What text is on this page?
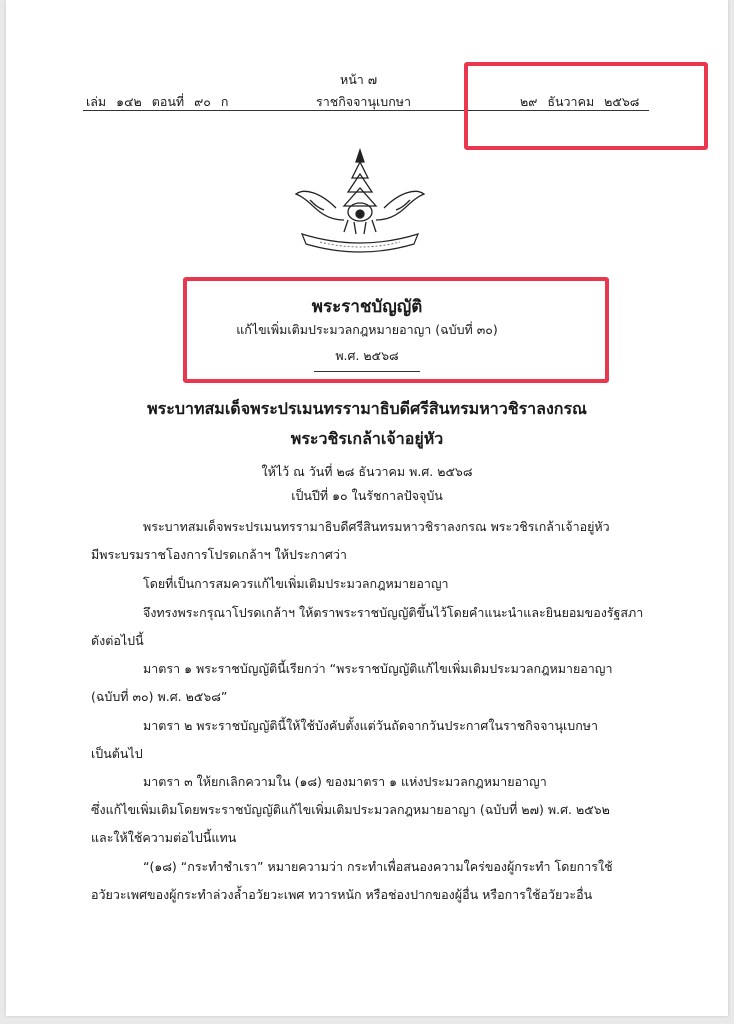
หน้า ๗
เล่ม ๑๔๒ ตอนที่ ๙๐ ก	ราชกิจจานุเบกษา	๒๙ ธันวาคม ๒๕๖๘
พระราชบัญญัติ
แก้ไขเพิ่มเติมประมวลกฎหมายอาญา (ฉบับที่ ๓๐)
พ.ศ. ๒๕๖๘
พระบาทสมเด็จพระปรเมนทรรามาธิบดีศรีสินทรมหาวชิราลงกรณ
พระวชิรเกล้าเจ้าอยู่หัว
ให้ไว้ ณ วันที่ ๒๘ ธันวาคม พ.ศ. ๒๕๖๘
เป็นปีที่ ๑๐ ในรัชกาลปัจจุบัน
พระบาทสมเด็จพระปรเมนทรรามาธิบดีศรีสินทรมหาวชิราลงกรณ พระวชิรเกล้าเจ้าอยู่หัว
มีพระบรมราชโองการโปรดเกล้าฯ ให้ประกาศว่า
โดยที่เป็นการสมควรแก้ไขเพิ่มเติมประมวลกฎหมายอาญา
จึงทรงพระกรุณาโปรดเกล้าฯ ให้ตราพระราชบัญญัติขึ้นไว้โดยคำแนะนำและยินยอมของรัฐสภา
ดังต่อไปนี้
มาตรา ๑ พระราชบัญญัตินี้เรียกว่า “พระราชบัญญัติแก้ไขเพิ่มเติมประมวลกฎหมายอาญา
(ฉบับที่ ๓๐) พ.ศ. ๒๕๖๘”
มาตรา ๒ พระราชบัญญัตินี้ให้ใช้บังคับตั้งแต่วันถัดจากวันประกาศในราชกิจจานุเบกษา
เป็นต้นไป
มาตรา ๓ ให้ยกเลิกความใน (๑๘) ของมาตรา ๑ แห่งประมวลกฎหมายอาญา
ซึ่งแก้ไขเพิ่มเติมโดยพระราชบัญญัติแก้ไขเพิ่มเติมประมวลกฎหมายอาญา (ฉบับที่ ๒๗) พ.ศ. ๒๕๖๒
และให้ใช้ความต่อไปนี้แทน
“(๑๘) “กระทำชำเรา” หมายความว่า กระทำเพื่อสนองความใคร่ของผู้กระทำ โดยการใช้
อวัยวะเพศของผู้กระทำล่วงล้ำอวัยวะเพศ ทวารหนัก หรือช่องปากของผู้อื่น หรือการใช้อวัยวะอื่น
